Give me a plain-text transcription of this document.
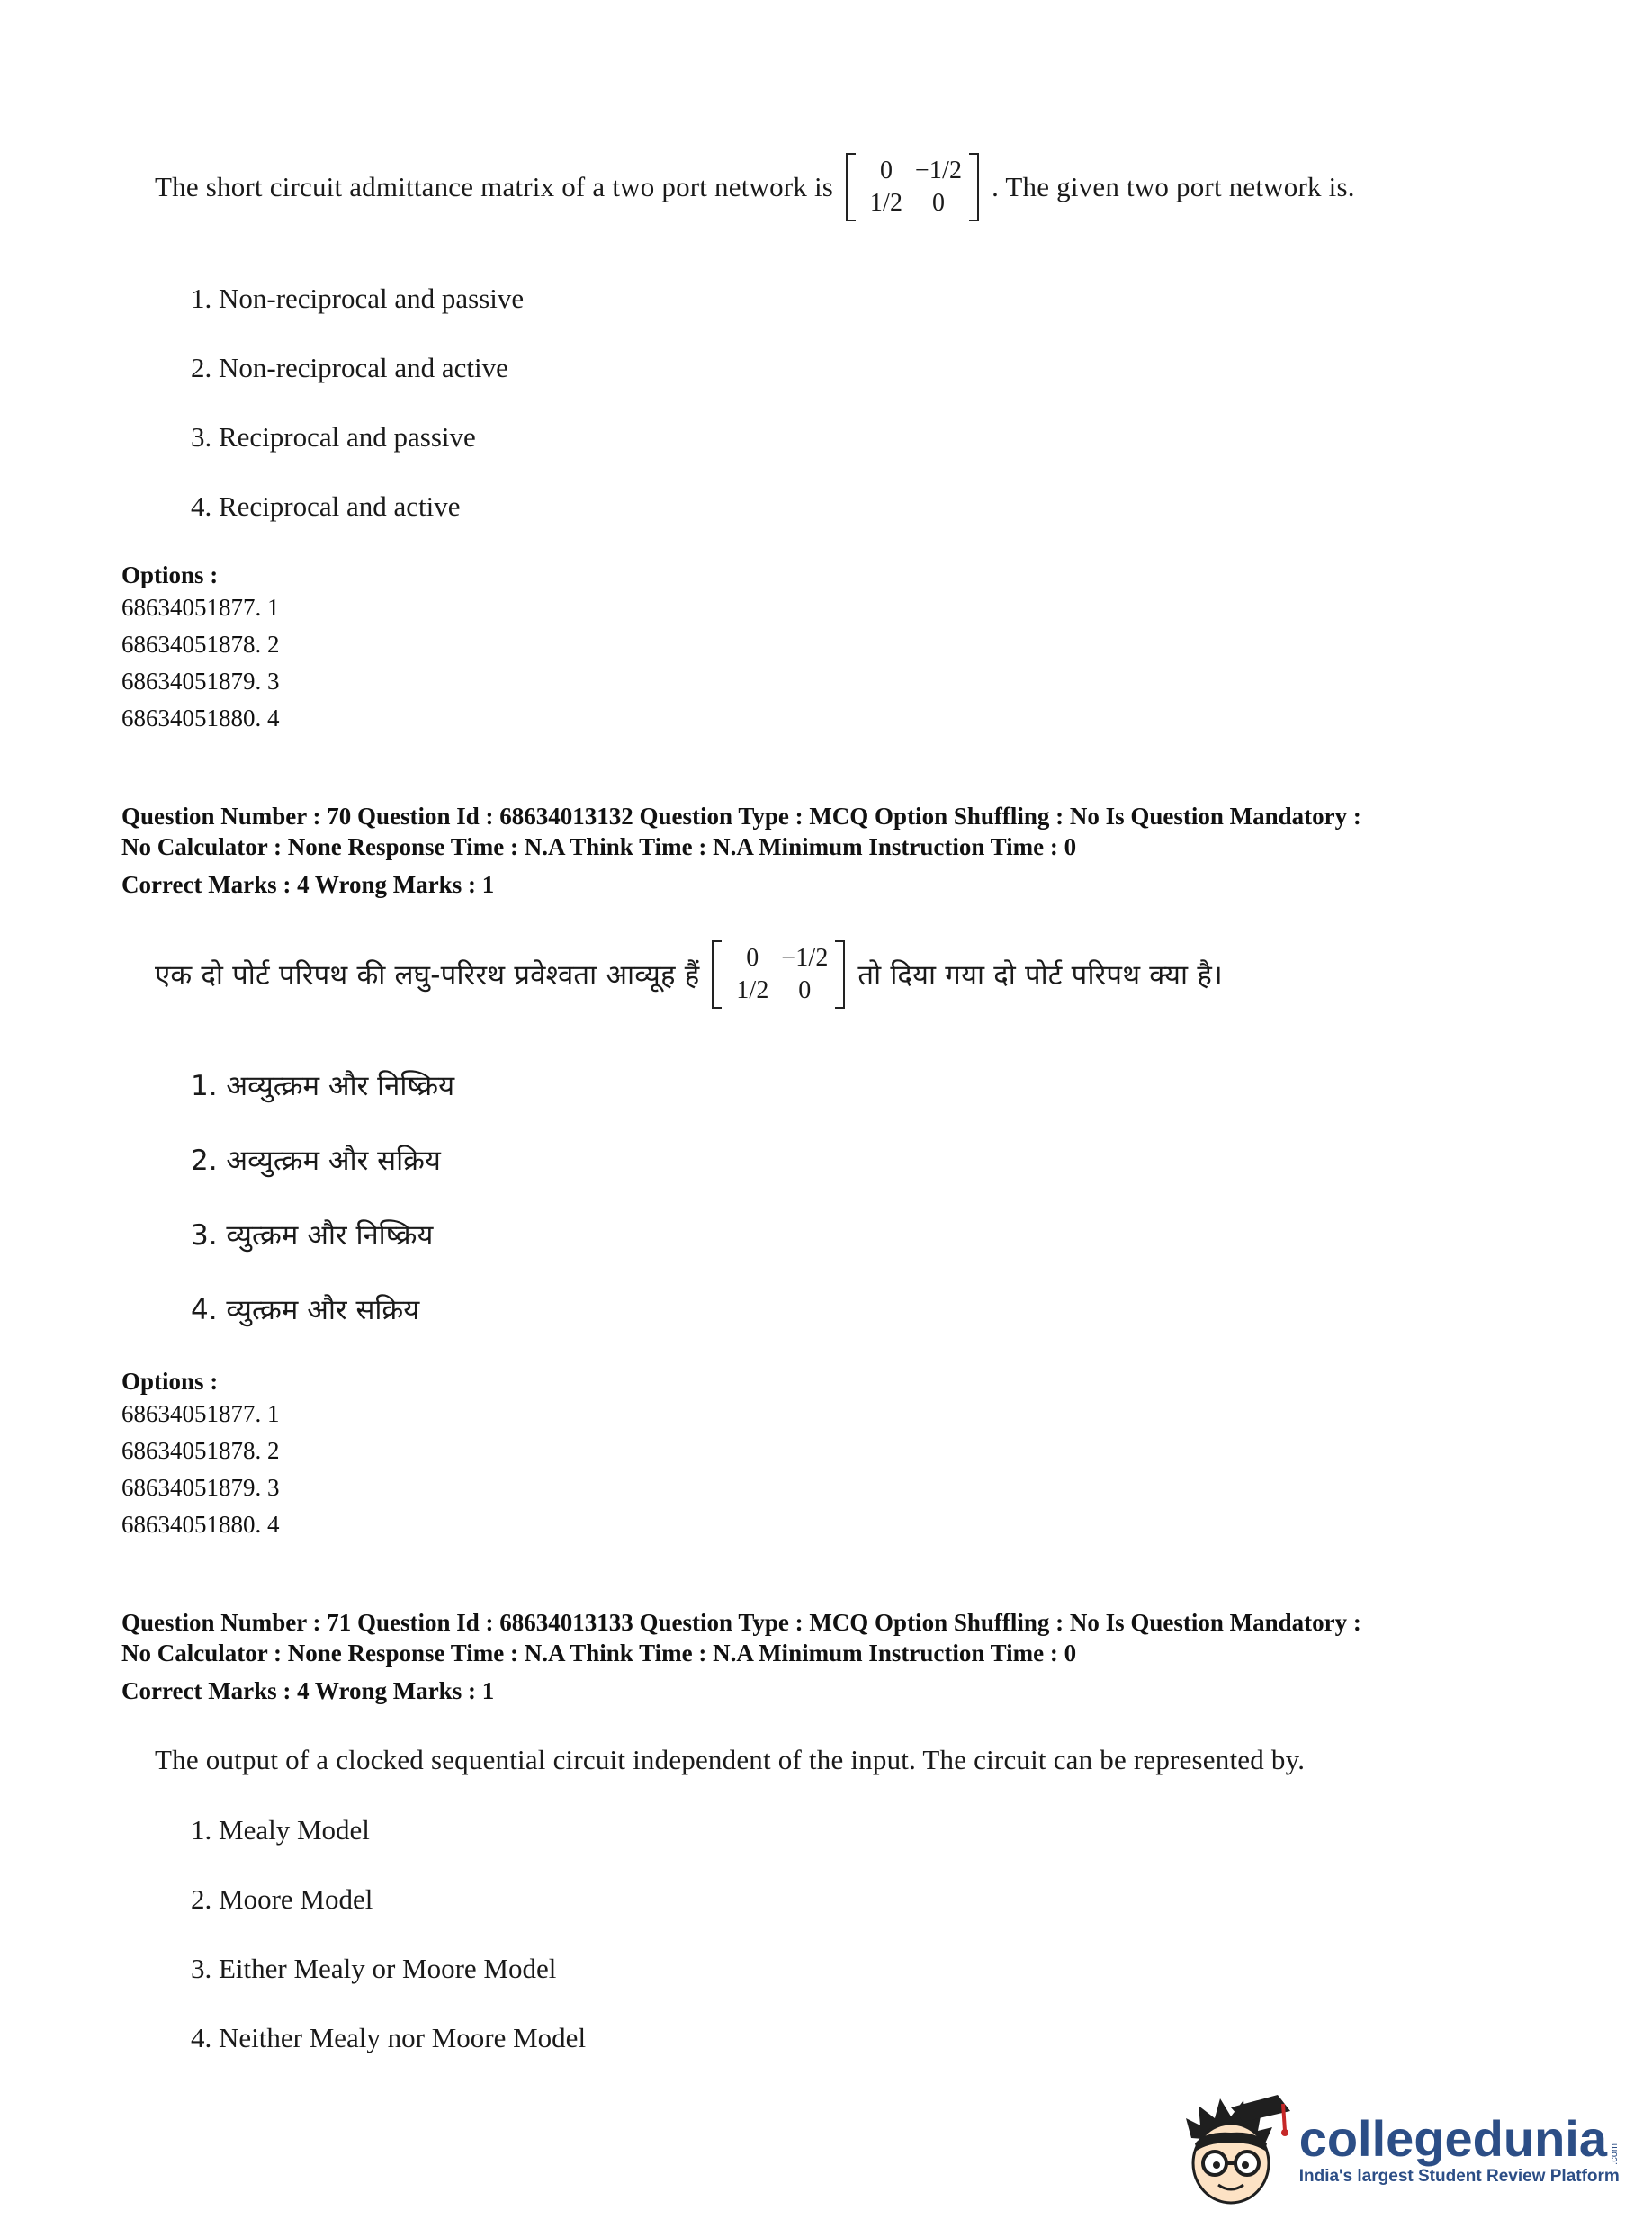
The short circuit admittance matrix of a two port network is
0 −1/2
1/2	0
. The given two port network is.
1. Non-reciprocal and passive
2. Non-reciprocal and active
3. Reciprocal and passive
4. Reciprocal and active
Options :
68634051877. 1
68634051878. 2
68634051879. 3
68634051880. 4
Question Number : 70 Question Id : 68634013132 Question Type : MCQ Option Shuffling : No Is Question Mandatory :
No Calculator : None Response Time : N.A Think Time : N.A Minimum Instruction Time : 0
Correct Marks : 4 Wrong Marks : 1
एक दो पोर्ट परिपथ की लघु-परिरथ प्रवेश्वता आव्यूह हैं
0 −1/2
1/2	0	तो दिया गया दो पोर्ट परिपथ क्या है।
1. अव्युत्क्रम और निष्क्रिय
2. अव्युत्क्रम और सक्रिय
3. व्युत्क्रम और निष्क्रिय
4. व्युत्क्रम और सक्रिय
Options :
68634051877. 1
68634051878. 2
68634051879. 3
68634051880. 4
Question Number : 71 Question Id : 68634013133 Question Type : MCQ Option Shuffling : No Is Question Mandatory :
No Calculator : None Response Time : N.A Think Time : N.A Minimum Instruction Time : 0
Correct Marks : 4 Wrong Marks : 1
The output of a clocked sequential circuit independent of the input. The circuit can be represented by.
1. Mealy Model
2. Moore Model
3. Either Mealy or Moore Model
4. Neither Mealy nor Moore Model
collegedunia .com
India's largest Student Review Platform
